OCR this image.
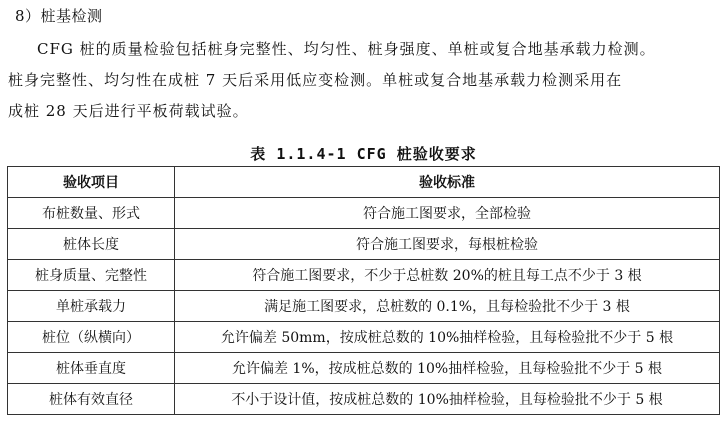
8）桩基检测
CFG 桩的质量检验包括桩身完整性、均匀性、桩身强度、单桩或复合地基承载力检测。
桩身完整性、均匀性在成桩 7 天后采用低应变检测。单桩或复合地基承载力检测采用在
成桩 28 天后进行平板荷载试验。
表 1.1.4-1 CFG 桩验收要求
验收项目	验收标准
布桩数量、形式	符合施工图要求，全部检验
桩体长度	符合施工图要求，每根桩检验
桩身质量、完整性	符合施工图要求，不少于总桩数 20%的桩且每工点不少于 3 根
单桩承载力	满足施工图要求，总桩数的 0.1%，且每检验批不少于 3 根
桩位（纵横向）	允许偏差 50mm，按成桩总数的 10%抽样检验，且每检验批不少于 5 根
桩体垂直度	允许偏差 1%，按成桩总数的 10%抽样检验，且每检验批不少于 5 根
桩体有效直径	不小于设计值，按成桩总数的 10%抽样检验，且每检验批不少于 5 根
